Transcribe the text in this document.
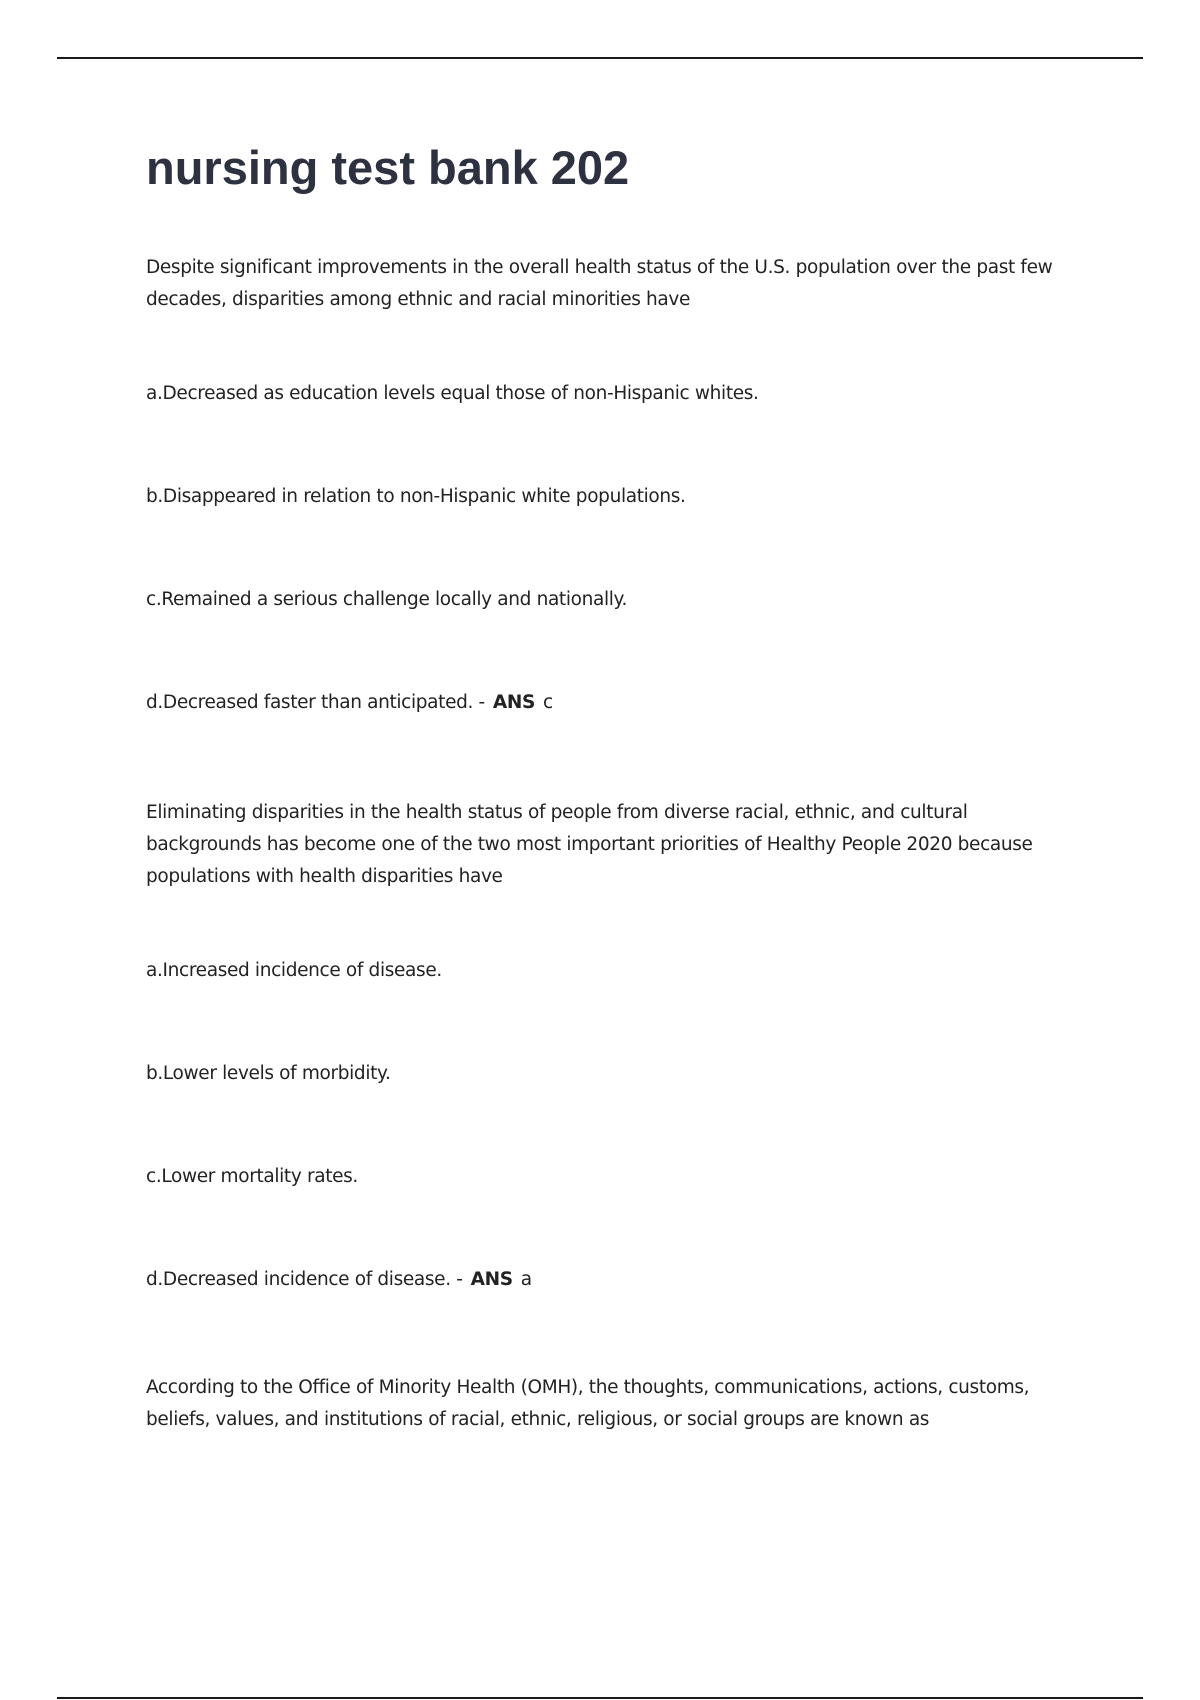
nursing test bank 202

Despite significant improvements in the overall health status of the U.S. population over the past few decades, disparities among ethnic and racial minorities have

a.Decreased as education levels equal those of non-Hispanic whites.

b.Disappeared in relation to non-Hispanic white populations.

c.Remained a serious challenge locally and nationally.

d.Decreased faster than anticipated. - ANS c

Eliminating disparities in the health status of people from diverse racial, ethnic, and cultural backgrounds has become one of the two most important priorities of Healthy People 2020 because populations with health disparities have

a.Increased incidence of disease.

b.Lower levels of morbidity.

c.Lower mortality rates.

d.Decreased incidence of disease. - ANS a

According to the Office of Minority Health (OMH), the thoughts, communications, actions, customs, beliefs, values, and institutions of racial, ethnic, religious, or social groups are known as
